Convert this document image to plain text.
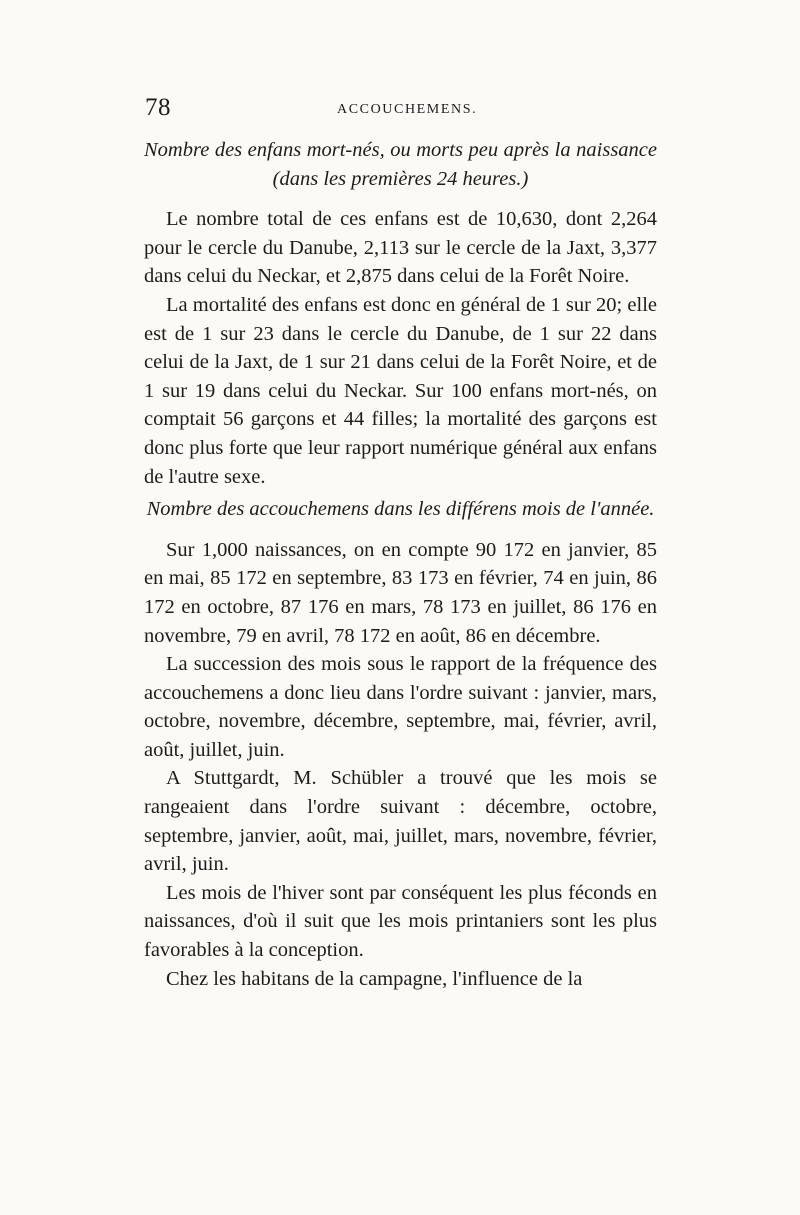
78	ACCOUCHEMENS.

Nombre des enfans mort-nés, ou morts peu après la naissance (dans les premières 24 heures.)

Le nombre total de ces enfans est de 10,630, dont 2,264 pour le cercle du Danube, 2,113 sur le cercle de la Jaxt, 3,377 dans celui du Neckar, et 2,875 dans celui de la Forêt Noire.

La mortalité des enfans est donc en général de 1 sur 20; elle est de 1 sur 23 dans le cercle du Danube, de 1 sur 22 dans celui de la Jaxt, de 1 sur 21 dans celui de la Forêt Noire, et de 1 sur 19 dans celui du Neckar. Sur 100 enfans mort-nés, on comptait 56 garçons et 44 filles; la mortalité des garçons est donc plus forte que leur rapport numérique général aux enfans de l'autre sexe.

Nombre des accouchemens dans les différens mois de l'année.

Sur 1,000 naissances, on en compte 90 172 en janvier, 85 en mai, 85 172 en septembre, 83 173 en février, 74 en juin, 86 172 en octobre, 87 176 en mars, 78 173 en juillet, 86 176 en novembre, 79 en avril, 78 172 en août, 86 en décembre.

La succession des mois sous le rapport de la fréquence des accouchemens a donc lieu dans l'ordre suivant : janvier, mars, octobre, novembre, décembre, septembre, mai, février, avril, août, juillet, juin.

A Stuttgardt, M. Schübler a trouvé que les mois se rangeaient dans l'ordre suivant : décembre, octobre, septembre, janvier, août, mai, juillet, mars, novembre, février, avril, juin.

Les mois de l'hiver sont par conséquent les plus féconds en naissances, d'où il suit que les mois printaniers sont les plus favorables à la conception.

Chez les habitans de la campagne, l'influence de la
